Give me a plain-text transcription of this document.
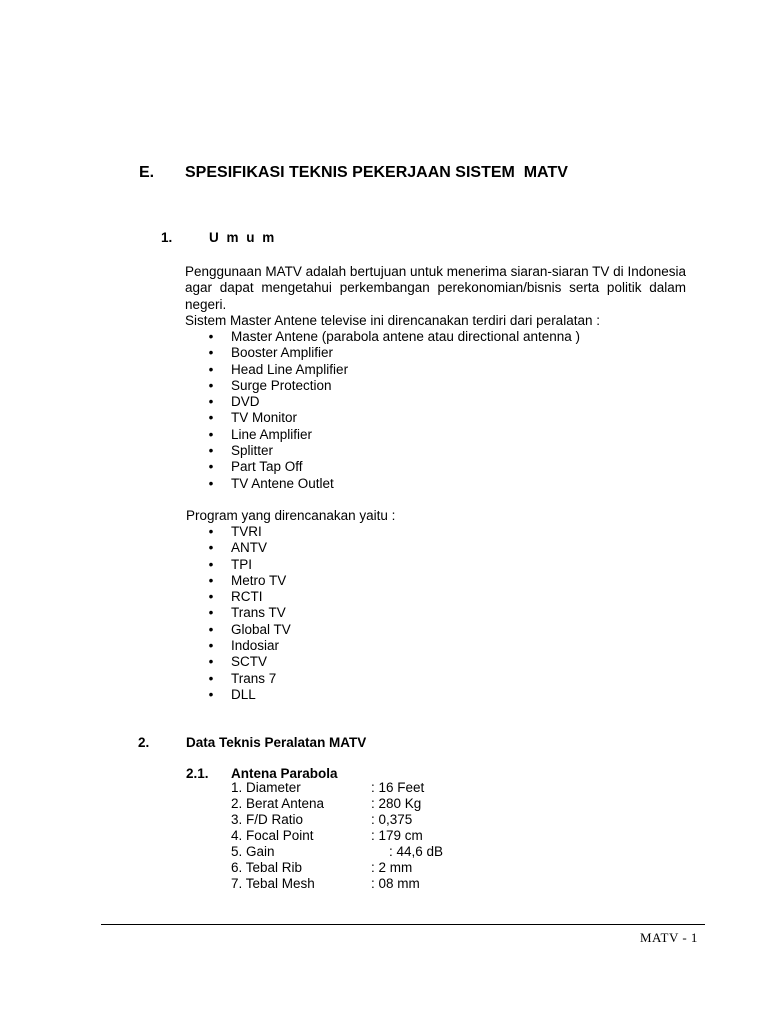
E. SPESIFIKASI TEKNIS PEKERJAAN SISTEM  MATV
1.	U m u m
Penggunaan MATV adalah bertujuan untuk menerima siaran-siaran TV di Indonesia agar dapat mengetahui perkembangan perekonomian/bisnis serta politik dalam negeri.
Sistem Master Antene televise ini direncanakan terdiri dari peralatan :
• Master Antene (parabola antene atau directional antenna )
• Booster Amplifier
• Head Line Amplifier
• Surge Protection
• DVD
• TV Monitor
• Line Amplifier
• Splitter
• Part Tap Off
• TV Antene Outlet
Program yang direncanakan yaitu :
• TVRI
• ANTV
• TPI
• Metro TV
• RCTI
• Trans TV
• Global TV
• Indosiar
• SCTV
• Trans 7
• DLL
2.	Data Teknis Peralatan MATV
2.1. Antena Parabola
1. Diameter	: 16 Feet
2. Berat Antena	: 280 Kg
3. F/D Ratio	: 0,375
4. Focal Point	: 179 cm
5. Gain	: 44,6 dB
6. Tebal Rib	: 2 mm
7. Tebal Mesh	: 08 mm
MATV - 1
